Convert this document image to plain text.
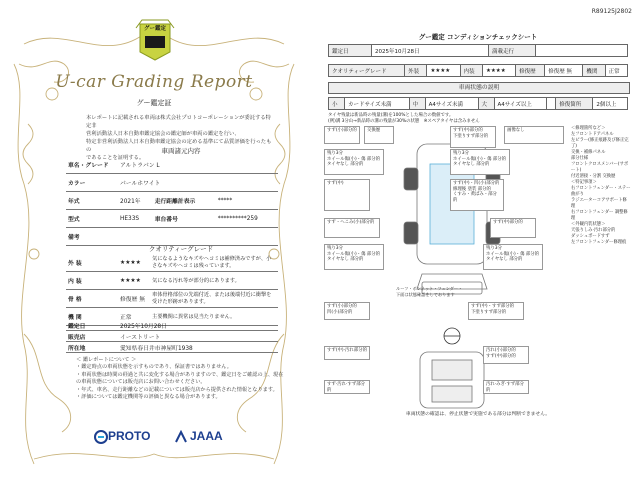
グー鑑定
U-car Grading Report
グー鑑定証
本レポートに記載される車両は株式会社プロトコーポレーションが委託する特定非
営利活動法人日本自動車鑑定協会の鑑定師が車両の鑑定を行い、
特定非営利活動法人日本自動車鑑定協会の定める基準にて品質評価を行ったもの
であることを証明する。
車両諸元内容
車名・グレード	アルトラパン L		
カラー	パールホワイト		
年式	2021年	走行距離計表示	*****
型式	HE33S	車台番号	**********259
備考			
クオリティーグレード
外 装	★★★★	気になるようなキズやヘコミは補修済みですが、小さなキズやヘコミは残っています。
内 装	★★★★	気になる汚れ等が部分的にあります。
骨 格	修復歴 無	車体骨格部位の先端付近、または後端付近に衝撃を受けた形跡があります。
機 関	正常	主要機関に異常は見当たりません。
鑑定日	2025年10月28日
販売店	イーストリート
所在地	愛知県春日井市神屋町1938
＜ 鑑レポートについて ＞
・鑑定時点の車両状態を示すものであり、保証書ではありません。
・車両状態は時間の経過と共に変化する場合がありますので、鑑定日をご確認の上、現在の車両状態については販売店にお問い合わせください。
・年式、車名、走行距離などの記載については販売店から提供された情報となります。
・評価については鑑定機関等の評価と異なる場合があります。
PROTO	JAAA
R89125J2802
グー鑑定 コンディションチェックシート
鑑定日	2025年10月28日	満載走行	
クオリティーグレード	外装	★★★★	内装	★★★★	修復歴	修復歴 無	機関	正常
車両状態の説明
小	カードサイズ未満	中	A4サイズ未満	大	A4サイズ以上		修復箇所	2個以上
タイヤ残量は新品時の残量(溝)を100%とした場合の数値です。
(例)溝 3分山→新品時の溝の残量が30%の状態　※スペアタイヤは含みません
すず(小)部分的 交換歴	すず(中)部分的
下塗りすず部分的
画像なし
残り3分
ホイール傷(小)・傷 部分的
タイヤなし 部分的
残り3分
ホイール傷(小)・傷 部分的
タイヤなし 部分的
すず(中)	すず(中)・凹(小)部分的
修理後 塗装 部分的
くすみ・黄ばみ・部分的
すず・へこみ(小)部分的	すず(中)部分的
残り3分
ホイール傷(小)・傷 部分的
タイヤなし 部分的
残り3分
ホイール傷(小)・傷 部分的
タイヤなし 部分的
ルーフ・ボンネット・フェンダー・
下面は状態確認をしております
すず(小)部分的
凹(小)部分的
すず(中)・すず部分的
下塗りすず部分的
すず(中)·汚れ部分的	汚れ(小)部分的
すず(中)部分的
すず·汚れ·すず部分的
汚れ·みぎ·すず部分的
＜修理箇所など＞
左フロントドアパネル
左ピラー(修正痕跡及び修正完了)
交換・補修パネル
部分仕様
フロントクロスメンバー(サポート)
付近溶接・分割 交換歴
＜特記事項＞
右フロントフェンダー・ステー曲がり
ラジエーターコアサポート修理
右フロントフェンダー 調整修理
＜外観内装状態＞
天張りしみ·汚れ部分的
ダッシュボードすず
左フロントフェンダー修理痕
車両状態の確認は、停止状態で実施である部分は判断できません。
